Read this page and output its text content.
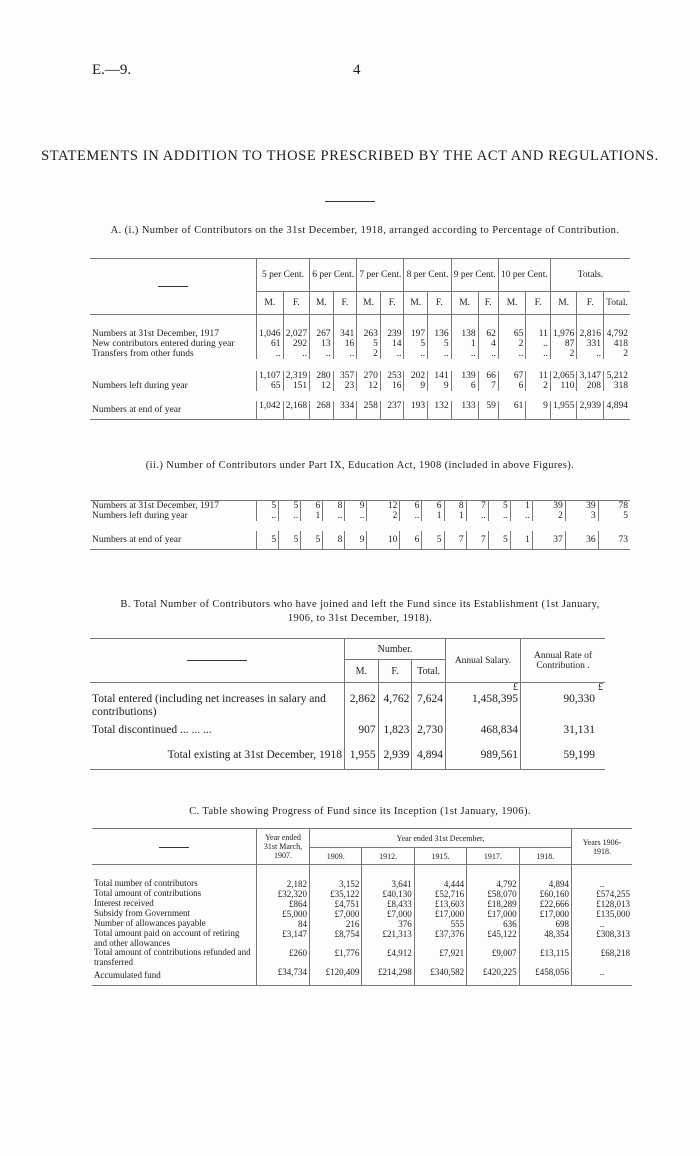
E.—9.	4
STATEMENTS IN ADDITION TO THOSE PRESCRIBED BY THE ACT AND REGULATIONS.
A. (i.) Number of Contributors on the 31st December, 1918, arranged according to Percentage of Contribution.
	5 per Cent.		6 per Cent.		7 per Cent.		8 per Cent.		9 per Cent.		10 per Cent.		Totals.		
	M.	F.	M.	F.	M.	F.	M.	F.	M.	F.	M.	F.	M.	F.	Total.

Numbers at 31st December, 1917	1,046	2,027	267	341	263	239	197	136	138	62	65	11	1,976	2,816	4,792
New contributors entered during year	61	292	13	16	5	14	5	5	1	4	2	..	87	331	418
Transfers from other funds	..	..	..	..	2	..	..	..	..	..	..	..	2	..	2
	1,107	2,319	280	357	270	253	202	141	139	66	67	11	2,065	3,147	5,212
Numbers left during year	65	151	12	23	12	16	9	9	6	7	6	2	110	208	318
Numbers at end of year	1,042	2,168	268	334	258	237	193	132	133	59	61	9	1,955	2,939	4,894
(ii.) Number of Contributors under Part IX, Education Act, 1908 (included in above Figures).
Numbers at 31st December, 1917	5	5	6	8	9	12	6	6	8	7	5	1	39	39	78
Numbers left during year	..	..	1	..	..	2	..	1	1	..	..	..	2	3	5
Numbers at end of year	5	5	5	8	9	10	6	5	7	7	5	1	37	36	73
B. Total Number of Contributors who have joined and left the Fund since its Establishment (1st January, 1906, to 31st December, 1918).
	Number.			Annual Salary.	Annual Rate of Contribution .
	M.	F.	Total.		
				£	£
Total entered (including net increases in salary and contributions)	2,862	4,762	7,624	1,458,395	90,330
Total discontinued ... ... ...	907	1,823	2,730	468,834	31,131
Total existing at 31st December, 1918	1,955	2,939	4,894	989,561	59,199
C. Table showing Progress of Fund since its Inception (1st January, 1906).
	Year ended 31st March, 1907.	Year ended 31st December,					Years 1906-1918.
		1909.	1912.	1915.	1917.	1918.	

Total number of contributors	2,182	3,152	3,641	4,444	4,792	4,894	..
Total amount of contributions	£32,320	£35,122	£40,130	£52,716	£58,070	£60,160	£574,255
Interest received	£864	£4,751	£8,433	£13,603	£18,289	£22,666	£128,013
Subsidy from Government	£5,000	£7,000	£7,000	£17,000	£17,000	£17,000	£135,000
Number of allowances payable	84	216	376	555	636	698	..
Total amount paid on account of retiring and other allowances	£3,147	£8,754	£21,313	£37,376	£45,122	48,354	£308,313
Total amount of contributions refunded and transferred	£260	£1,776	£4,912	£7,921	£9,007	£13,115	£68,218
Accumulated fund	£34,734	£120,409	£214,298	£340,582	£420,225	£458,056	..
